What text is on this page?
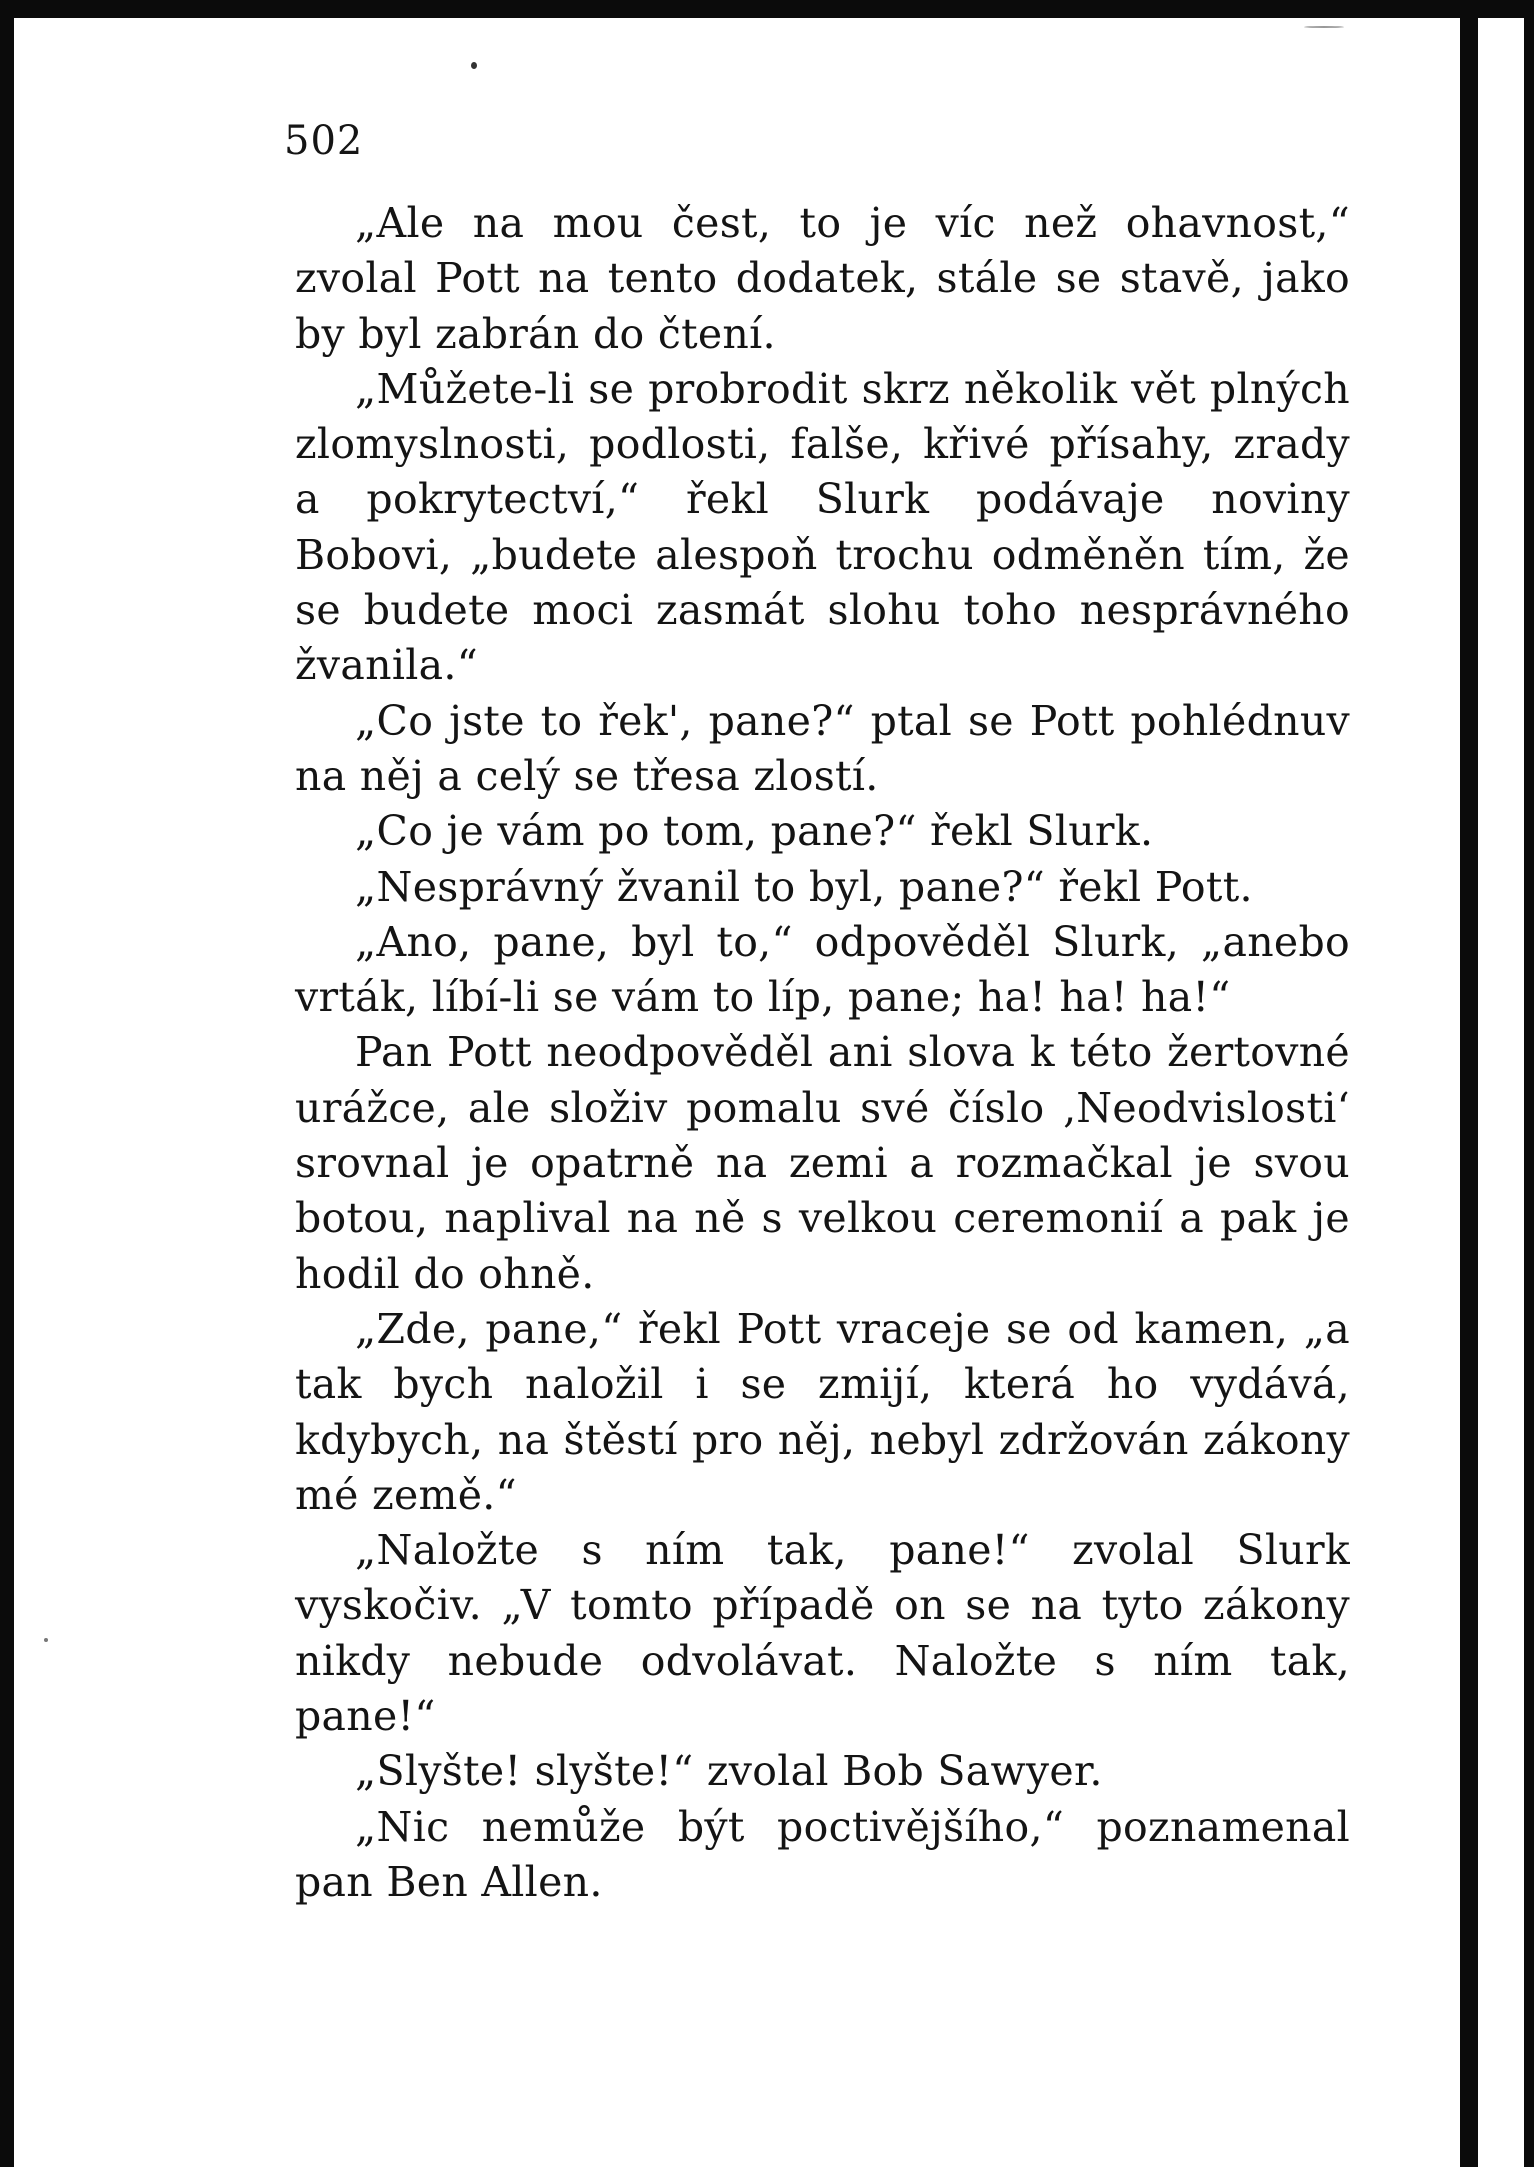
502

„Ale na mou čest, to je víc než ohavnost,“ zvolal Pott na tento dodatek, stále se stavě, jako by byl zabrán do čtení.

„Můžete-li se probrodit skrz několik vět plných zlomyslnosti, podlosti, falše, křivé přísahy, zrady a pokrytectví,“ řekl Slurk podávaje noviny Bobovi, „budete alespoň trochu odměněn tím, že se budete moci zasmát slohu toho nesprávného žvanila.“

„Co jste to řek', pane?“ ptal se Pott pohlédnuv na něj a celý se třesa zlostí.

„Co je vám po tom, pane?“ řekl Slurk.

„Nesprávný žvanil to byl, pane?“ řekl Pott.

„Ano, pane, byl to,“ odpověděl Slurk, „anebo vrták, líbí-li se vám to líp, pane; ha! ha! ha!“

Pan Pott neodpověděl ani slova k této žertovné urážce, ale složiv pomalu své číslo ‚Neodvislosti‘ srovnal je opatrně na zemi a rozmačkal je svou botou, naplival na ně s velkou ceremonií a pak je hodil do ohně.

„Zde, pane,“ řekl Pott vraceje se od kamen, „a tak bych naložil i se zmijí, která ho vydává, kdybych, na štěstí pro něj, nebyl zdržován zákony mé země.“

„Naložte s ním tak, pane!“ zvolal Slurk vyskočiv. „V tomto případě on se na tyto zákony nikdy nebude odvolávat. Naložte s ním tak, pane!“

„Slyšte! slyšte!“ zvolal Bob Sawyer.

„Nic nemůže být poctivějšího,“ poznamenal pan Ben Allen.
